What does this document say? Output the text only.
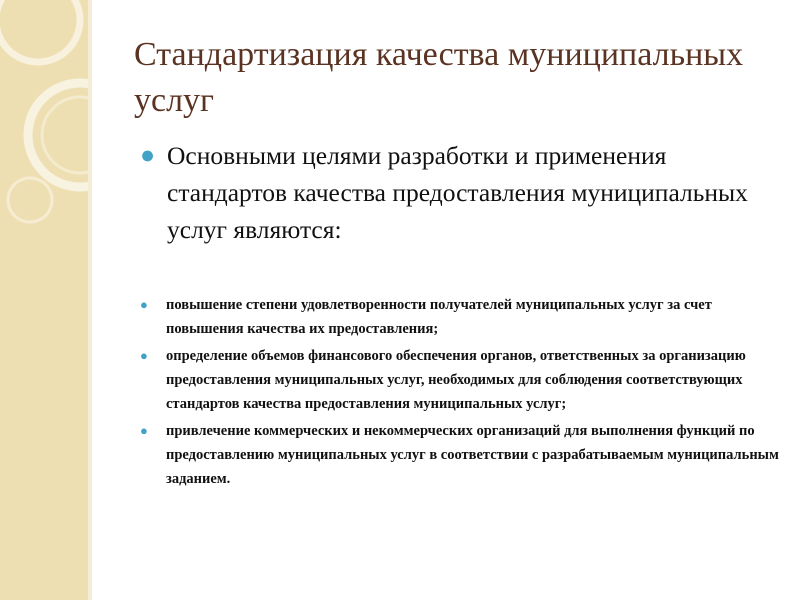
Стандартизация качества муниципальных услуг
● Основными целями разработки и применения стандартов качества предоставления муниципальных услуг являются:
● повышение степени удовлетворенности получателей муниципальных услуг за счет повышения качества их предоставления;
● определение объемов финансового обеспечения органов, ответственных за организацию предоставления муниципальных услуг, необходимых для соблюдения соответствующих стандартов качества предоставления муниципальных услуг;
● привлечение коммерческих и некоммерческих организаций для выполнения функций по предоставлению муниципальных услуг в соответствии с разрабатываемым муниципальным заданием.
